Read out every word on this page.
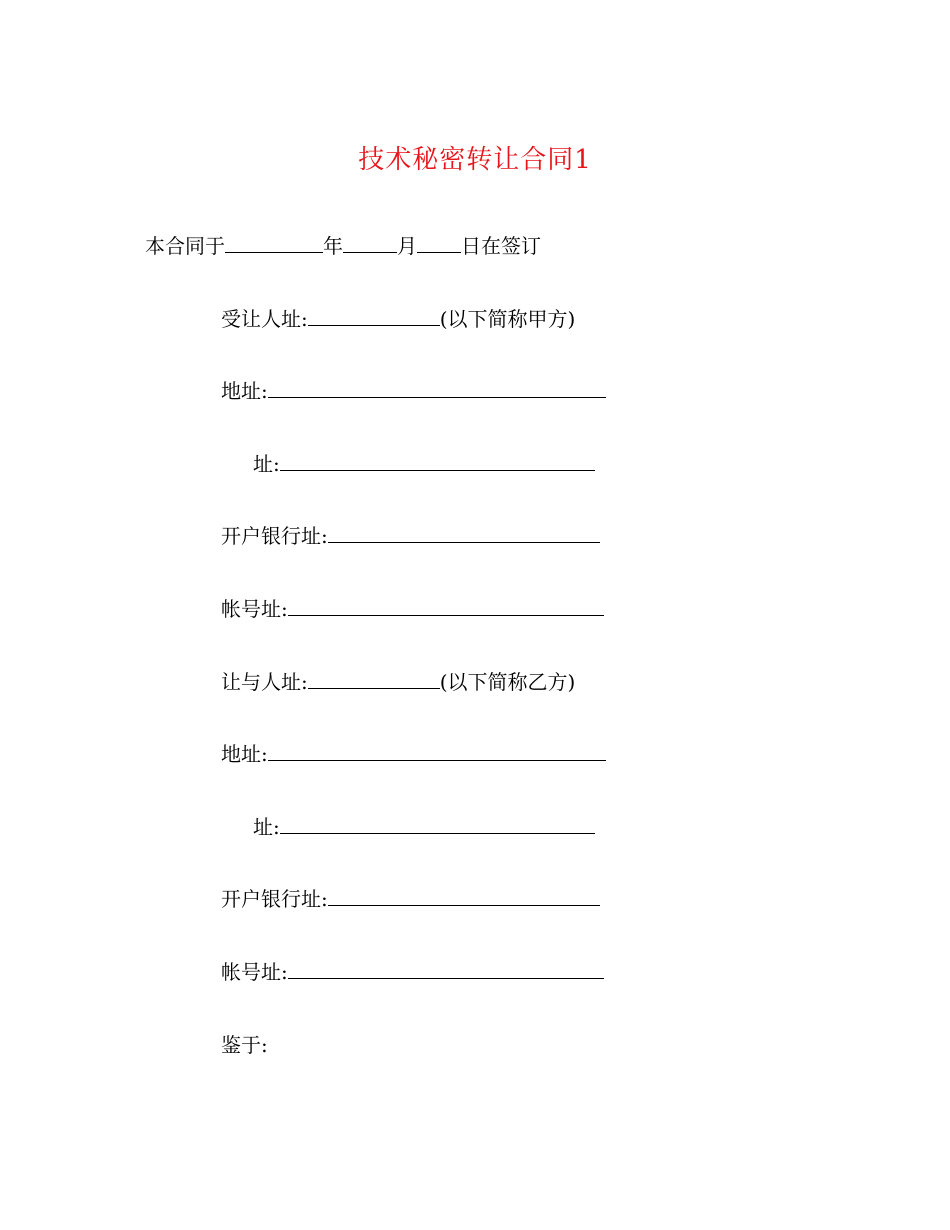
技术秘密转让合同1
本合同于	年	月 日在签订
受让人址:	(以下简称甲方)
地址:
址:
开户银行址:
帐号址:
让与人址:	(以下简称乙方)
地址:
址:
开户银行址:
帐号址:
鉴于:
